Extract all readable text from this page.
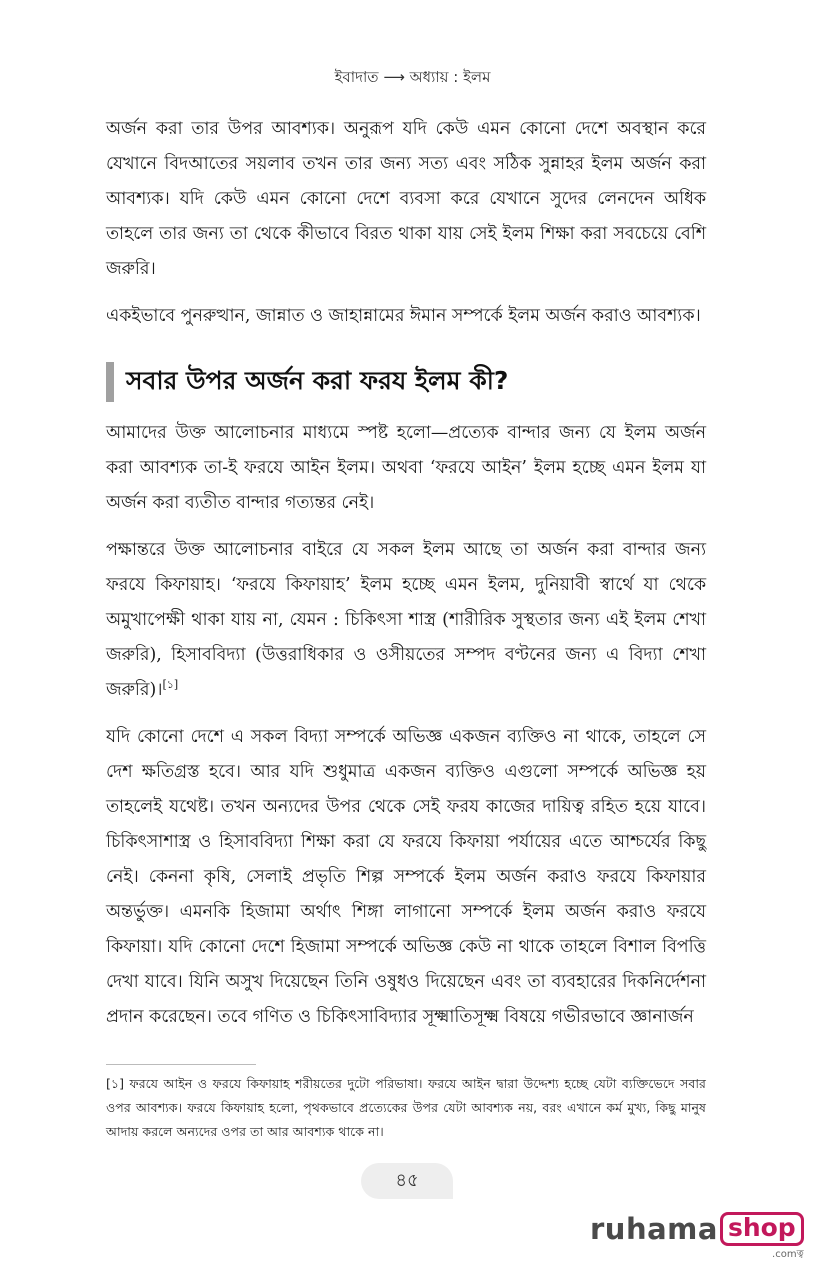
ইবাদাত ⟶ অধ্যায় : ইলম

অর্জন করা তার উপর আবশ্যক। অনুরূপ যদি কেউ এমন কোনো দেশে অবস্থান করে যেখানে বিদআতের সয়লাব তখন তার জন্য সত্য এবং সঠিক সুন্নাহর ইলম অর্জন করা আবশ্যক। যদি কেউ এমন কোনো দেশে ব্যবসা করে যেখানে সুদের লেনদেন অধিক তাহলে তার জন্য তা থেকে কীভাবে বিরত থাকা যায় সেই ইলম শিক্ষা করা সবচেয়ে বেশি জরুরি।

একইভাবে পুনরুত্থান, জান্নাত ও জাহান্নামের ঈমান সম্পর্কে ইলম অর্জন করাও আবশ্যক।

সবার উপর অর্জন করা ফরয ইলম কী?

আমাদের উক্ত আলোচনার মাধ্যমে স্পষ্ট হলো—প্রত্যেক বান্দার জন্য যে ইলম অর্জন করা আবশ্যক তা-ই ফরযে আইন ইলম। অথবা ‘ফরযে আইন’ ইলম হচ্ছে এমন ইলম যা অর্জন করা ব্যতীত বান্দার গত্যন্তর নেই।

পক্ষান্তরে উক্ত আলোচনার বাইরে যে সকল ইলম আছে তা অর্জন করা বান্দার জন্য ফরযে কিফায়াহ। ‘ফরযে কিফায়াহ’ ইলম হচ্ছে এমন ইলম, দুনিয়াবী স্বার্থে যা থেকে অমুখাপেক্ষী থাকা যায় না, যেমন : চিকিৎসা শাস্ত্র (শারীরিক সুস্থতার জন্য এই ইলম শেখা জরুরি), হিসাববিদ্যা (উত্তরাধিকার ও ওসীয়তের সম্পদ বণ্টনের জন্য এ বিদ্যা শেখা জরুরি)।[১]

যদি কোনো দেশে এ সকল বিদ্যা সম্পর্কে অভিজ্ঞ একজন ব্যক্তিও না থাকে, তাহলে সে দেশ ক্ষতিগ্রস্ত হবে। আর যদি শুধুমাত্র একজন ব্যক্তিও এগুলো সম্পর্কে অভিজ্ঞ হয় তাহলেই যথেষ্ট। তখন অন্যদের উপর থেকে সেই ফরয কাজের দায়িত্ব রহিত হয়ে যাবে। চিকিৎসাশাস্ত্র ও হিসাববিদ্যা শিক্ষা করা যে ফরযে কিফায়া পর্যায়ের এতে আশ্চর্যের কিছু নেই। কেননা কৃষি, সেলাই প্রভৃতি শিল্প সম্পর্কে ইলম অর্জন করাও ফরযে কিফায়ার অন্তর্ভুক্ত। এমনকি হিজামা অর্থাৎ শিঙ্গা লাগানো সম্পর্কে ইলম অর্জন করাও ফরযে কিফায়া। যদি কোনো দেশে হিজামা সম্পর্কে অভিজ্ঞ কেউ না থাকে তাহলে বিশাল বিপত্তি দেখা যাবে। যিনি অসুখ দিয়েছেন তিনি ওষুধও দিয়েছেন এবং তা ব্যবহারের দিকনির্দেশনা প্রদান করেছেন। তবে গণিত ও চিকিৎসাবিদ্যার সূক্ষ্মাতিসূক্ষ্ম বিষয়ে গভীরভাবে জ্ঞানার্জন

[১] ফরযে আইন ও ফরযে কিফায়াহ শরীয়তের দুটো পরিভাষা। ফরযে আইন দ্বারা উদ্দেশ্য হচ্ছে যেটা ব্যক্তিভেদে সবার ওপর আবশ্যক। ফরযে কিফায়াহ হলো, পৃথকভাবে প্রত্যেকের উপর যেটা আবশ্যক নয়, বরং এখানে কর্ম মুখ্য, কিছু মানুষ আদায় করলে অন্যদের ওপর তা আর আবশ্যক থাকে না।
৪৫
ruhama shop
.comত্ব
